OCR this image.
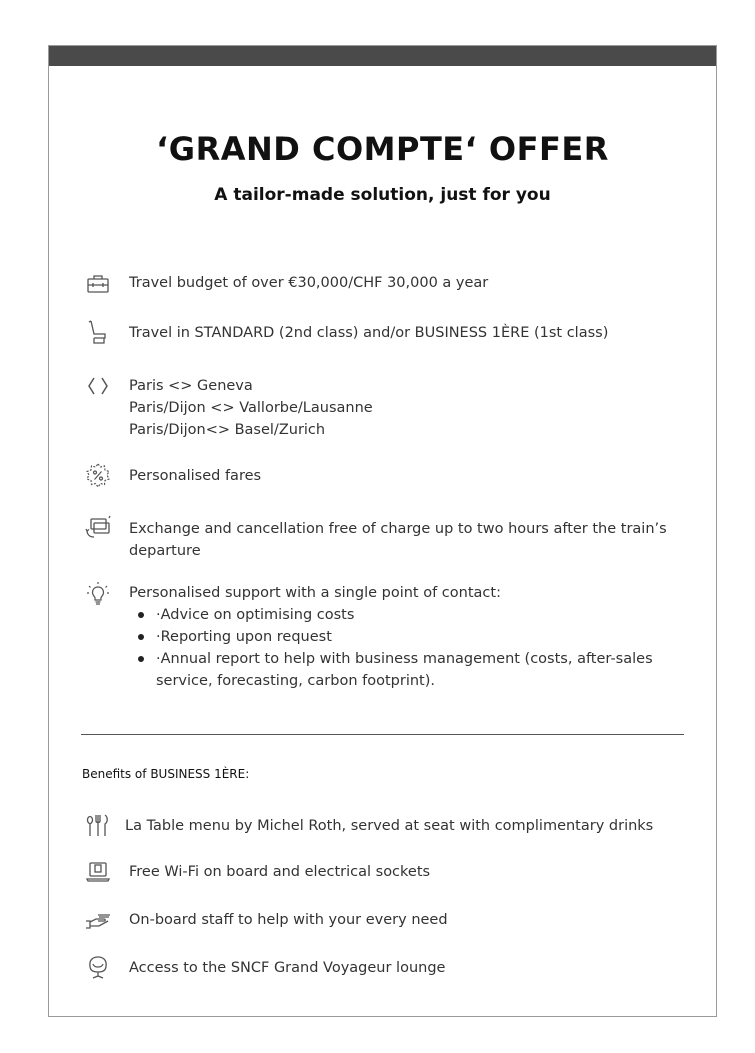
‘GRAND COMPTE‘ OFFER
A tailor-made solution, just for you
Travel budget of over €30,000/CHF 30,000 a year
Travel in STANDARD (2nd class) and/or BUSINESS 1ÈRE (1st class)
Paris <> Geneva
Paris/Dijon <> Vallorbe/Lausanne
Paris/Dijon<> Basel/Zurich
Personalised fares
Exchange and cancellation free of charge up to two hours after the train’s
departure
Personalised support with a single point of contact:
·Advice on optimising costs
·Reporting upon request
·Annual report to help with business management (costs, after-sales
service, forecasting, carbon footprint).
Benefits of BUSINESS 1ÈRE:
La Table menu by Michel Roth, served at seat with complimentary drinks
Free Wi-Fi on board and electrical sockets
On-board staff to help with your every need
Access to the SNCF Grand Voyageur lounge
